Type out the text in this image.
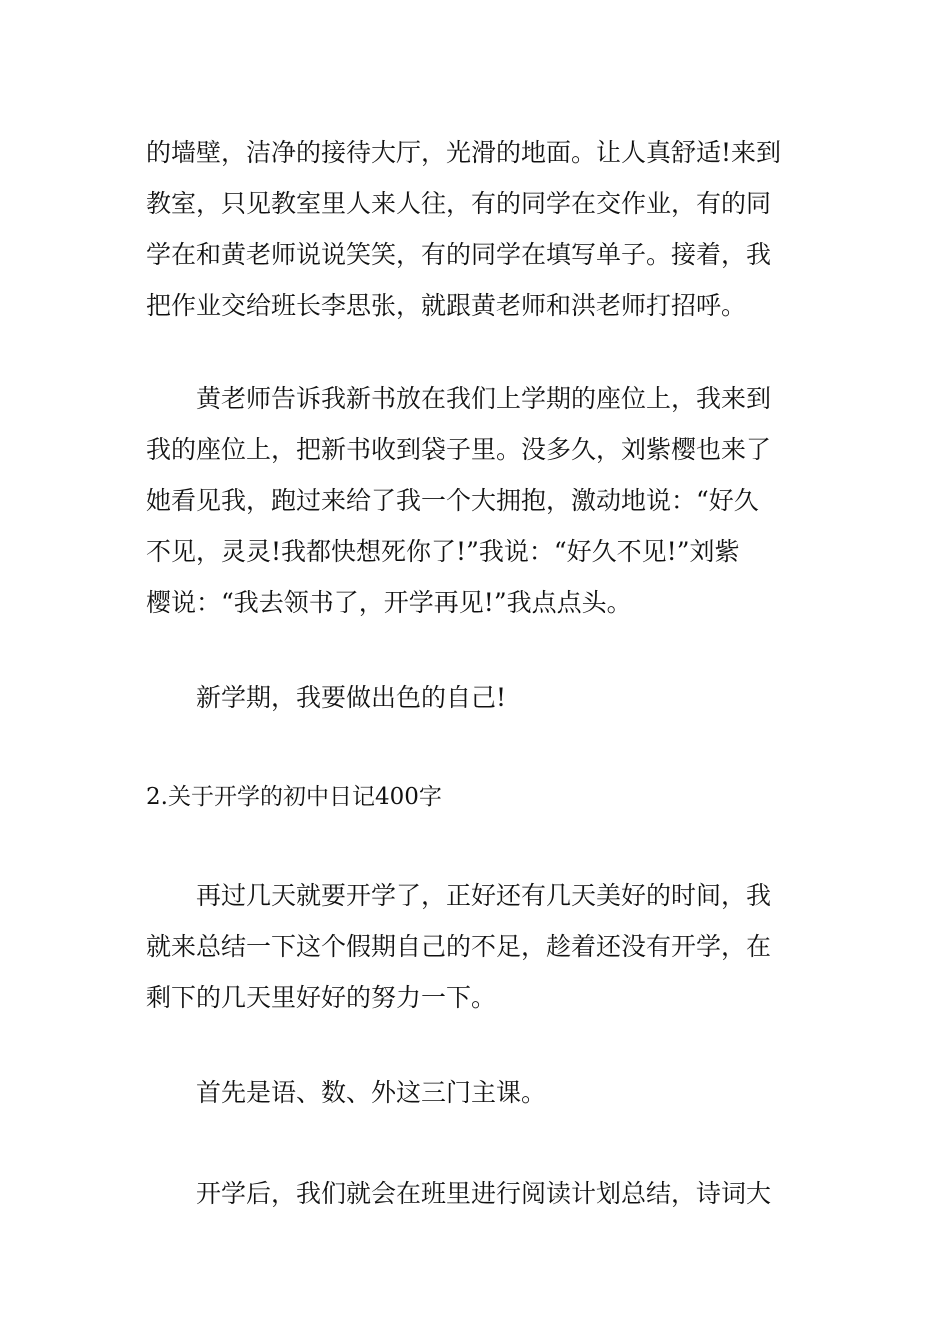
的墙壁，洁净的接待大厅，光滑的地面。让人真舒适!来到
教室，只见教室里人来人往，有的同学在交作业，有的同
学在和黄老师说说笑笑，有的同学在填写单子。接着，我
把作业交给班长李思张，就跟黄老师和洪老师打招呼。
黄老师告诉我新书放在我们上学期的座位上，我来到
我的座位上，把新书收到袋子里。没多久，刘紫樱也来了
她看见我，跑过来给了我一个大拥抱，激动地说：“好久
不见，灵灵!我都快想死你了!”我说：“好久不见!”刘紫
樱说：“我去领书了，开学再见!”我点点头。
新学期，我要做出色的自己!
2.关于开学的初中日记400字
再过几天就要开学了，正好还有几天美好的时间，我
就来总结一下这个假期自己的不足，趁着还没有开学，在
剩下的几天里好好的努力一下。
首先是语、数、外这三门主课。
开学后，我们就会在班里进行阅读计划总结，诗词大
